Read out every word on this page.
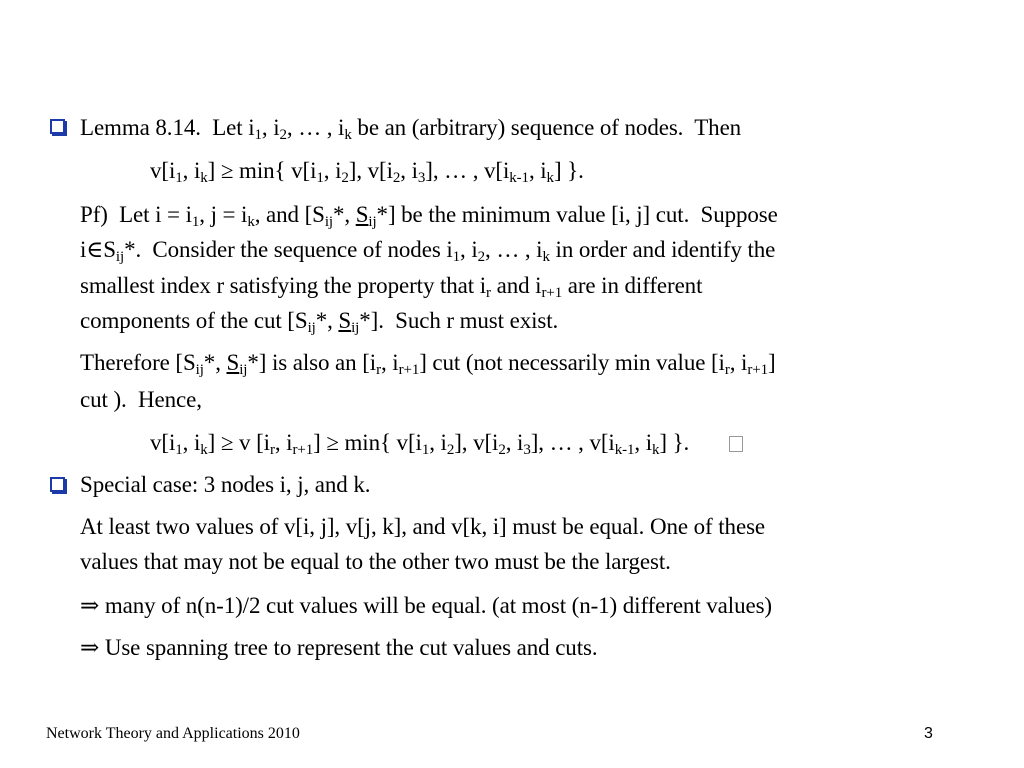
Lemma 8.14.  Let $i_1$, $i_2$, … , $i_k$ be an (arbitrary) sequence of nodes.  Then
$v[i_1$, $i_k] \ge \min${ $v[i_1$, $i_2$], $v[i_2$, $i_3$], … , $v[i_{k-1}$, $i_k$] }.
Pf)  Let $i = i_1$, $j = i_k$, and [$S_{ij}*$, $S_{ij}*$] be the minimum value [i, j] cut.  Suppose
$i\in S_{ij}*$.  Consider the sequence of nodes $i_1$, $i_2$, … , $i_k$ in order and identify the
smallest index r satisfying the property that $i_r$ and $i_{r+1}$ are in different
components of the cut [$S_{ij}*$, $S_{ij}*$].  Such r must exist.
Therefore [$S_{ij}*$, $S_{ij}*$] is also an [$i_r$, $i_{r+1}$] cut (not necessarily min value [$i_r$, $i_{r+1}$]
cut ).  Hence,
$v[i_1$, $i_k] \ge v$ [$i_r$, $i_{r+1}] \ge \min${ $v[i_1$, $i_2$], $v[i_2$, $i_3$], … , $v[i_{k-1}$, $i_k$] }.
Special case: 3 nodes i, j, and k.
At least two values of v[i, j], v[j, k], and v[k, i] must be equal. One of these
values that may not be equal to the other two must be the largest.
⇒ many of n(n-1)/2 cut values will be equal. (at most (n-1) different values)
⇒ Use spanning tree to represent the cut values and cuts.
Network Theory and Applications 2010	3
